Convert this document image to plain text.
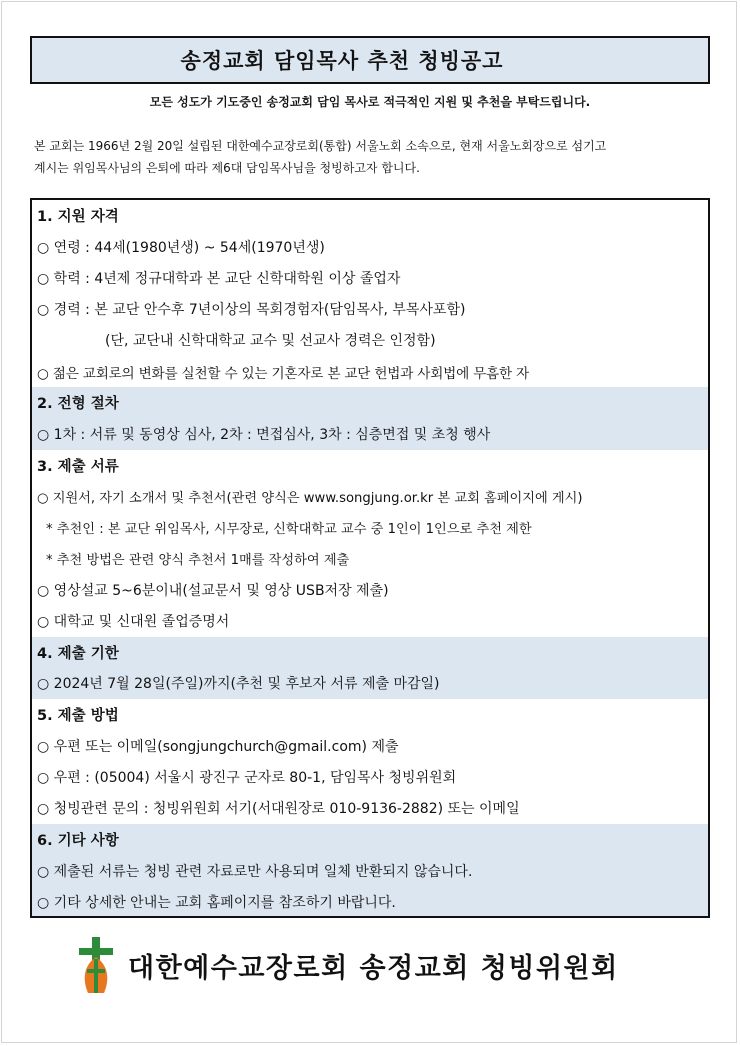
송정교회 담임목사 추천 청빙공고
모든 성도가 기도중인 송정교회 담임 목사로 적극적인 지원 및 추천을 부탁드립니다.
본 교회는 1966년 2월 20일 설립된 대한예수교장로회(통합) 서울노회 소속으로, 현재 서울노회장으로 섬기고
계시는 위임목사님의 은퇴에 따라 제6대 담임목사님을 청빙하고자 합니다.
1. 지원 자격
○ 연령 : 44세(1980년생) ~ 54세(1970년생)
○ 학력 : 4년제 정규대학과 본 교단 신학대학원 이상 졸업자
○ 경력 : 본 교단 안수후 7년이상의 목회경험자(담임목사, 부목사포함)
(단, 교단내 신학대학교 교수 및 선교사 경력은 인정함)
○ 젊은 교회로의 변화를 실천할 수 있는 기혼자로 본 교단 헌법과 사회법에 무흠한 자
2. 전형 절차
○ 1차 : 서류 및 동영상 심사, 2차 : 면접심사, 3차 : 심층면접 및 초청 행사
3. 제출 서류
○ 지원서, 자기 소개서 및 추천서(관련 양식은 www.songjung.or.kr 본 교회 홈페이지에 게시)
* 추천인 : 본 교단 위임목사, 시무장로, 신학대학교 교수 중 1인이 1인으로 추천 제한
* 추천 방법은 관련 양식 추천서 1매를 작성하여 제출
○ 영상설교 5~6분이내(설교문서 및 영상 USB저장 제출)
○ 대학교 및 신대원 졸업증명서
4. 제출 기한
○ 2024년 7월 28일(주일)까지(추천 및 후보자 서류 제출 마감일)
5. 제출 방법
○ 우편 또는 이메일(songjungchurch@gmail.com) 제출
○ 우편 : (05004) 서울시 광진구 군자로 80-1, 담임목사 청빙위원회
○ 청빙관련 문의 : 청빙위원회 서기(서대원장로 010-9136-2882) 또는 이메일
6. 기타 사항
○ 제출된 서류는 청빙 관련 자료로만 사용되며 일체 반환되지 않습니다.
○ 기타 상세한 안내는 교회 홈페이지를 참조하기 바랍니다.
대한예수교장로회 송정교회 청빙위원회
